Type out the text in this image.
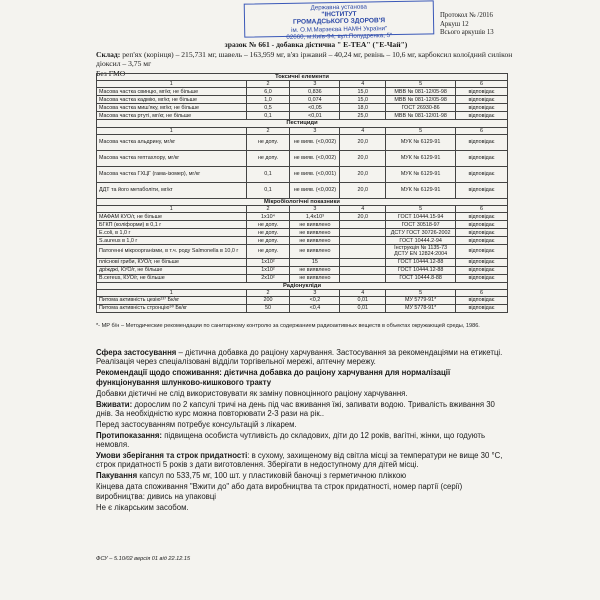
Державна установа
"ІНСТИТУТ
ГРОМАДСЬКОГО ЗДОРОВ'Я
ім. О.М.Марзеєва НАМН України"
02660, м.Київ-94, вул.Попудренка, 5"
Протокол № /2016
Аркуш 12
Всього аркушів 13
зразок № 661 - добавка дієтична " Е-ТЕА" ("Е-Чай")
Склад: реп'ях (корінця) – 215,731 мг, шавель – 163,959 мг, в'яз іржавий – 40,24 мг, ревінь – 10,6 мг, карбоксил колоїдний силікон діоксил – 3,75 мг
Без ГМО	Токсичні елементи					
1	2	3	4	5	6
Масова частка свинцю, мг/кг, не більше	6,0	0,836	15,0	МВВ № 081-12/05-98	відповідає
Масова частка кадмію, мг/кг, не більше	1,0	0,074	15,0	МВВ № 081-12/05-98	відповідає
Масова частка миш'яку, мг/кг, не більше	0,5	<0,05	18,0	ГОСТ 26930-86	відповідає
Масова частка ртуті, мг/кг, не більше	0,1	<0,01	25,0	МВВ № 081-12/01-98	відповідає
Пестициди					
1	2	3	4	5	6
Масова частка альдрину, мг/кг	не допу.	не вияв. (<0,002)	20,0	МУК № 6129-91	відповідає
Масова частка гептахлору, мг/кг	не допу.	не вияв. (<0,002)	20,0	МУК № 6129-91	відповідає
Масова частка ГХЦГ (гама-ізомер), мг/кг	0,1	не вияв. (<0,001)	20,0	МУК № 6129-91	відповідає
ДДТ та його метаболіти, мг/кг	0,1	не вияв. (<0,002)	20,0	МУК № 6129-91	відповідає
Мікробіологічні показники					
1	2	3	4	5	6
МАФАМ КУО/г, не більше	1х10⁴	1,4х10³	20,0	ГОСТ 10444.15-94	відповідає
БГКП (коліформи) в 0,1 г	не допу.	не виявлено		ГОСТ 30518-97	відповідає
E.coli, в 1,0 г	не допу.	не виявлено		ДСТУ ГОСТ 30726-2002	відповідає
S.aureus в 1,0 г	не допу.	не виявлено		ГОСТ 10444.2-94	відповідає
Патогенні мікроорганізми, в т.ч. роду Salmonella в 10,0 г	не допу.	не виявлено		Інструкція № 1135-73 ДСТУ EN 12824:2004	відповідає
пліснові гриби, КУО/г, не більше	1х10²	15		ГОСТ 10444.12-88	відповідає
дріжджі, КУО/г, не більше	1х10²	не виявлено		ГОСТ 10444.12-88	відповідає
B.cereus, КУО/г, не більше	2х10²	не виявлено		ГОСТ 10444.8-88	відповідає
Радіонукліди					
1	2	3	4	5	6
Питома активність цезію¹³⁷ Бк/кг	200	<0,2	0,01	МУ 5779-91*	відповідає
Питома активність стронцію⁹⁰ Бк/кг	50	<0,4	0,01	МУ 5778-91*	відповідає
*- МР б/н – Методические рекомендации по санитарному контролю за содержанием радиоактивных веществ в объектах окружающей среды, 1986.

Сфера застосування – дієтична добавка до раціону харчування. Застосування за рекомендаціями на етикетці. Реалізація через спеціалізовані відділи торгівельної мережі, аптечну мережу.

Рекомендації щодо споживання: дієтична добавка до раціону харчування для нормалізації функціонування шлунково-кишкового тракту

Добавки дієтичні не слід використовувати як заміну повноцінного раціону харчування.

Вживати: дорослим по 2 капсулі тричі на день під час вживання їжі, запивати водою. Тривалість вживання 30 днів. За необхідністю курс можна повторювати 2-3 рази на рік..

Перед застосуванням потребує консультацій з лікарем.

Протипоказання: підвищена особиста чутливість до складових, діти до 12 років, вагітні, жінки, що годують немовля.

Умови зберігання та строк придатності: в сухому, захищеному від світла місці за температури не вище 30 °С, строк придатності 5 років з дати виготовлення. Зберігати в недоступному для дітей місці.

Пакування капсул по 533,75 мг, 100 шт. у пластиковій баночці з герметичною пліккою

Кінцева дата споживання "Вжити до" або дата виробництва та строк придатності, номер партії (серії) виробництва: дивись на упаковці

Не є лікарським засобом.

ФСУ – 5.10/02 версія 01 від 22.12.15
